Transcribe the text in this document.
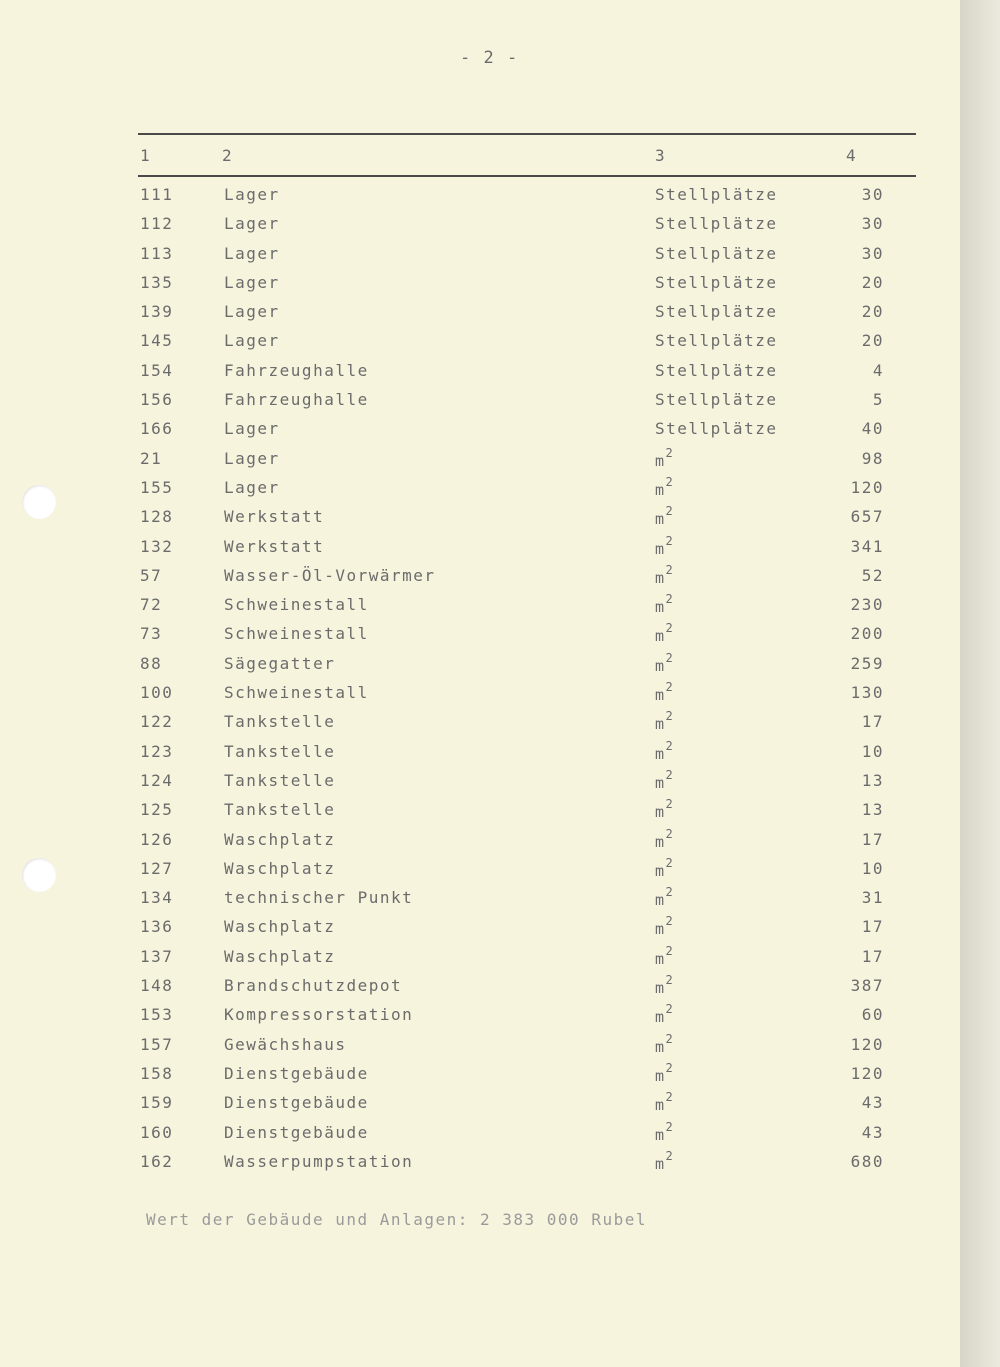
- 2 -
1	2	3	4
111	Lager	Stellplätze	30
112	Lager	Stellplätze	30
113	Lager	Stellplätze	30
135	Lager	Stellplätze	20
139	Lager	Stellplätze	20
145	Lager	Stellplätze	20
154	Fahrzeughalle	Stellplätze	4
156	Fahrzeughalle	Stellplätze	5
166	Lager	Stellplätze	40
21	Lager	$m^2$	98
155	Lager	$m^2$	120
128	Werkstatt	$m^2$	657
132	Werkstatt	$m^2$	341
57	Wasser-Öl-Vorwärmer	$m^2$	52
72	Schweinestall	$m^2$	230
73	Schweinestall	$m^2$	200
88	Sägegatter	$m^2$	259
100	Schweinestall	$m^2$	130
122	Tankstelle	$m^2$	17
123	Tankstelle	$m^2$	10
124	Tankstelle	$m^2$	13
125	Tankstelle	$m^2$	13
126	Waschplatz	$m^2$	17
127	Waschplatz	$m^2$	10
134	technischer Punkt	$m^2$	31
136	Waschplatz	$m^2$	17
137	Waschplatz	$m^2$	17
148	Brandschutzdepot	$m^2$	387
153	Kompressorstation	$m^2$	60
157	Gewächshaus	$m^2$	120
158	Dienstgebäude	$m^2$	120
159	Dienstgebäude	$m^2$	43
160	Dienstgebäude	$m^2$	43
162	Wasserpumpstation	$m^2$	680
Wert der Gebäude und Anlagen: 2 383 000 Rubel
